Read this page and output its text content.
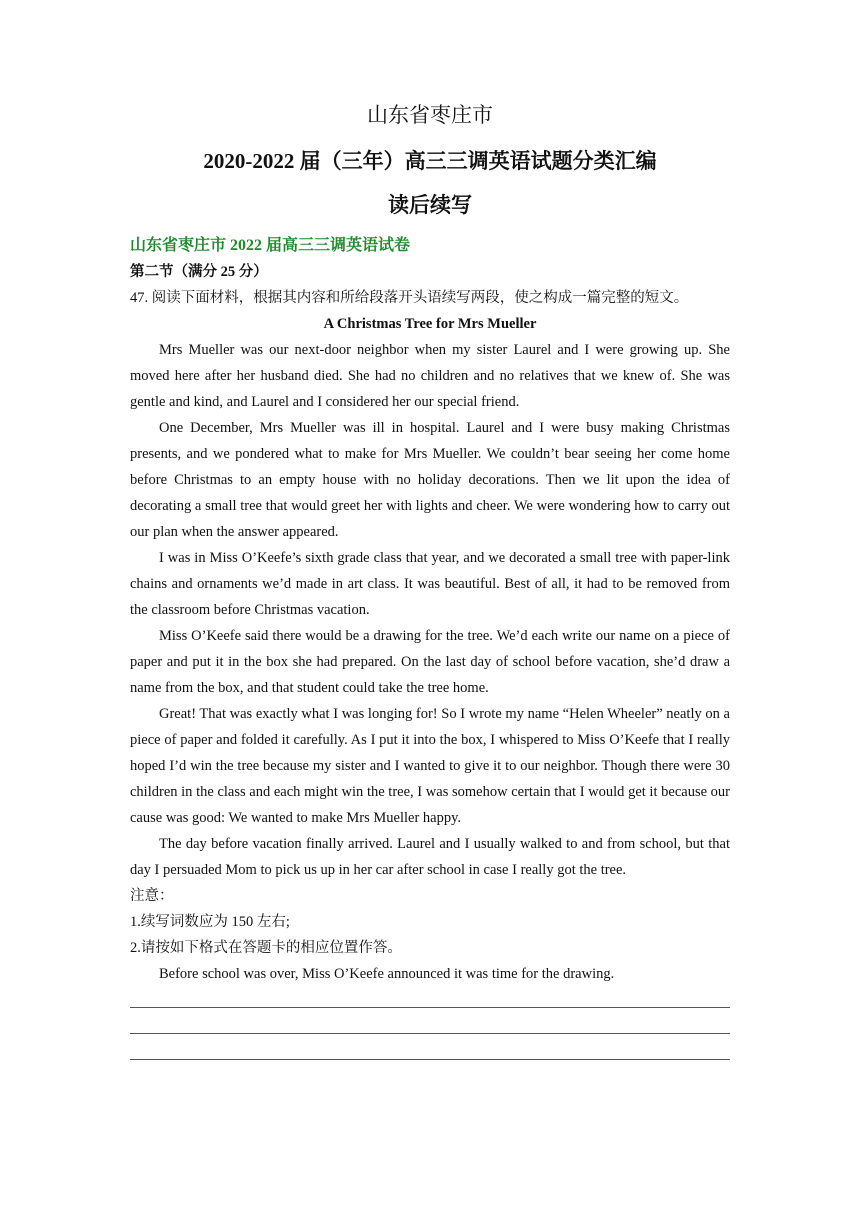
山东省枣庄市
2020-2022 届（三年）高三三调英语试题分类汇编
读后续写

山东省枣庄市 2022 届高三三调英语试卷

第二节（满分 25 分）

47. 阅读下面材料，根据其内容和所给段落开头语续写两段，使之构成一篇完整的短文。

A Christmas Tree for Mrs Mueller

Mrs Mueller was our next-door neighbor when my sister Laurel and I were growing up. She moved here after her husband died. She had no children and no relatives that we knew of. She was gentle and kind, and Laurel and I considered her our special friend.

One December, Mrs Mueller was ill in hospital. Laurel and I were busy making Christmas presents, and we pondered what to make for Mrs Mueller. We couldn’t bear seeing her come home before Christmas to an empty house with no holiday decorations. Then we lit upon the idea of decorating a small tree that would greet her with lights and cheer. We were wondering how to carry out our plan when the answer appeared.

I was in Miss O’Keefe’s sixth grade class that year, and we decorated a small tree with paper-link chains and ornaments we’d made in art class. It was beautiful. Best of all, it had to be removed from the classroom before Christmas vacation.

Miss O’Keefe said there would be a drawing for the tree. We’d each write our name on a piece of paper and put it in the box she had prepared. On the last day of school before vacation, she’d draw a name from the box, and that student could take the tree home.

Great! That was exactly what I was longing for! So I wrote my name “Helen Wheeler” neatly on a piece of paper and folded it carefully. As I put it into the box, I whispered to Miss O’Keefe that I really hoped I’d win the tree because my sister and I wanted to give it to our neighbor. Though there were 30 children in the class and each might win the tree, I was somehow certain that I would get it because our cause was good: We wanted to make Mrs Mueller happy.

The day before vacation finally arrived. Laurel and I usually walked to and from school, but that day I persuaded Mom to pick us up in her car after school in case I really got the tree.

注意：

1.续写词数应为 150 左右;

2.请按如下格式在答题卡的相应位置作答。

Before school was over, Miss O’Keefe announced it was time for the drawing.
